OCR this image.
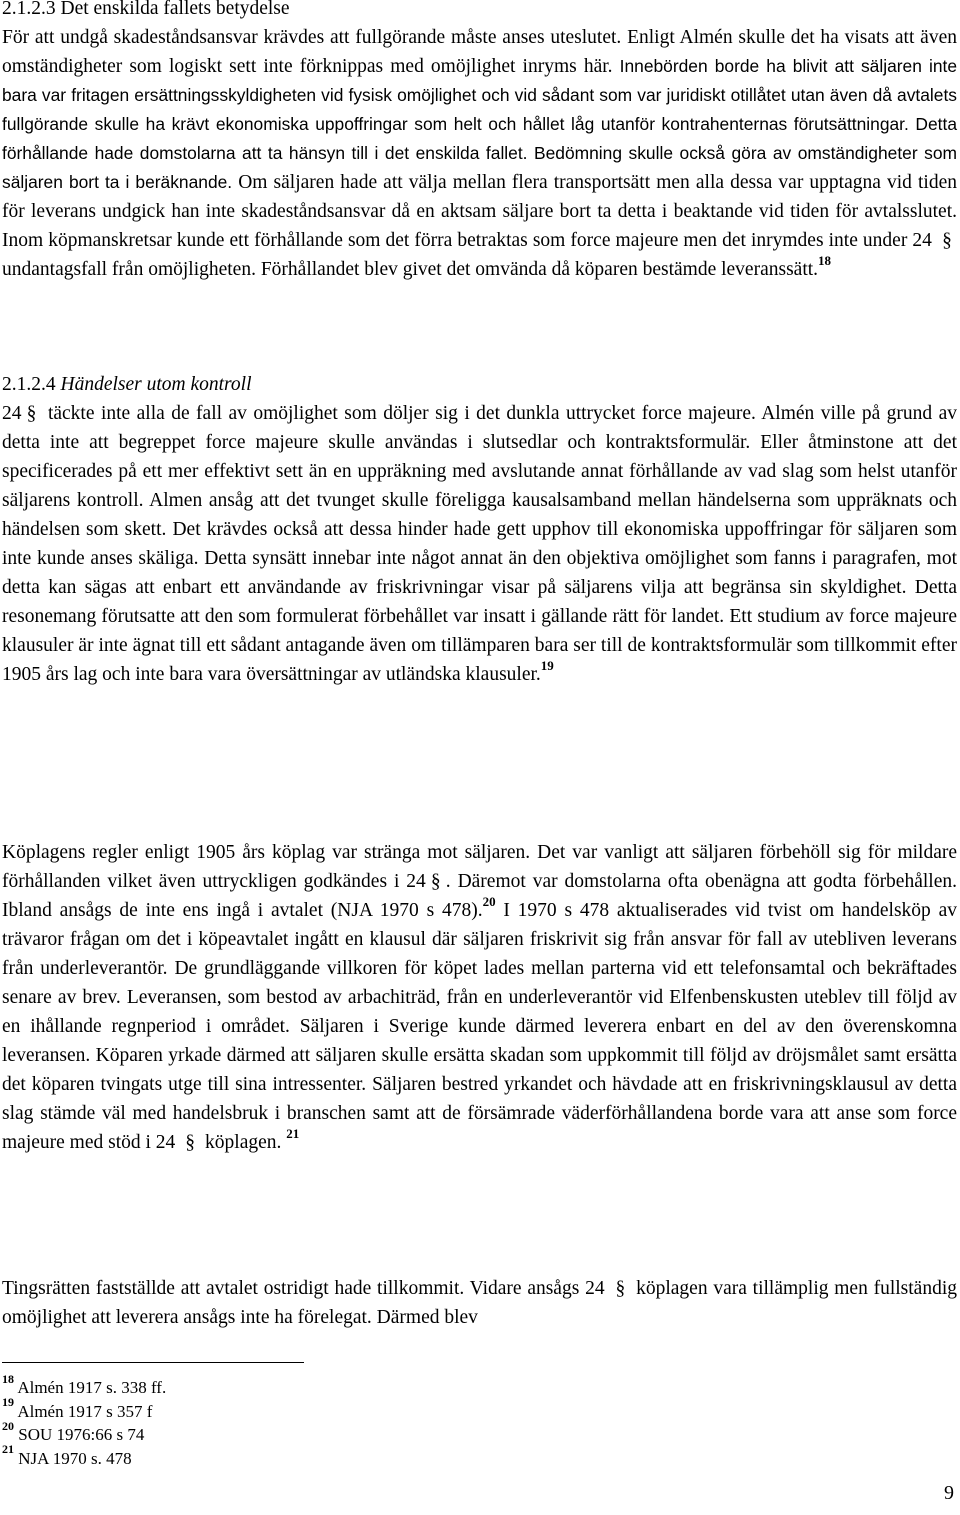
2.1.2.3 Det enskilda fallets betydelse

För att undgå skadeståndsansvar krävdes att fullgörande måste anses uteslutet. Enligt Almén skulle det ha visats att även omständigheter som logiskt sett inte förknippas med omöjlighet inryms här. Innebörden borde ha blivit att säljaren inte bara var fritagen ersättningsskyldigheten vid fysisk omöjlighet och vid sådant som var juridiskt otillåtet utan även då avtalets fullgörande skulle ha krävt ekonomiska uppoffringar som helt och hållet låg utanför kontrahenternas förutsättningar. Detta förhållande hade domstolarna att ta hänsyn till i det enskilda fallet. Bedömning skulle också göra av omständigheter som säljaren bort ta i beräknande. Om säljaren hade att välja mellan flera transportsätt men alla dessa var upptagna vid tiden för leverans undgick han inte skadeståndsansvar då en aktsam säljare bort ta detta i beaktande vid tiden för avtalsslutet. Inom köpmanskretsar kunde ett förhållande som det förra betraktas som force majeure men det inrymdes inte under 24 § undantagsfall från omöjligheten. Förhållandet blev givet det omvända då köparen bestämde leveranssätt.$^{18}$

2.1.2.4 Händelser utom kontroll

24 § täckte inte alla de fall av omöjlighet som döljer sig i det dunkla uttrycket force majeure. Almén ville på grund av detta inte att begreppet force majeure skulle användas i slutsedlar och kontraktsformulär. Eller åtminstone att det specificerades på ett mer effektivt sett än en uppräkning med avslutande annat förhållande av vad slag som helst utanför säljarens kontroll. Almen ansåg att det tvunget skulle föreligga kausalsamband mellan händelserna som uppräknats och händelsen som skett. Det krävdes också att dessa hinder hade gett upphov till ekonomiska uppoffringar för säljaren som inte kunde anses skäliga. Detta synsätt innebar inte något annat än den objektiva omöjlighet som fanns i paragrafen, mot detta kan sägas att enbart ett användande av friskrivningar visar på säljarens vilja att begränsa sin skyldighet. Detta resonemang förutsatte att den som formulerat förbehållet var insatt i gällande rätt för landet. Ett studium av force majeure klausuler är inte ägnat till ett sådant antagande även om tillämparen bara ser till de kontraktsformulär som tillkommit efter 1905 års lag och inte bara vara översättningar av utländska klausuler.$^{19}$

Köplagens regler enligt 1905 års köplag var stränga mot säljaren. Det var vanligt att säljaren förbehöll sig för mildare förhållanden vilket även uttryckligen godkändes i 24 § . Däremot var domstolarna ofta obenägna att godta förbehållen. Ibland ansågs de inte ens ingå i avtalet (NJA 1970 s 478).$^{20}$ I 1970 s 478 aktualiserades vid tvist om handelsköp av trävaror frågan om det i köpeavtalet ingått en klausul där säljaren friskrivit sig från ansvar för fall av utebliven leverans från underleverantör. De grundläggande villkoren för köpet lades mellan parterna vid ett telefonsamtal och bekräftades senare av brev. Leveransen, som bestod av arbachiträd, från en underleverantör vid Elfenbenskusten uteblev till följd av en ihållande regnperiod i området. Säljaren i Sverige kunde därmed leverera enbart en del av den överenskomna leveransen. Köparen yrkade därmed att säljaren skulle ersätta skadan som uppkommit till följd av dröjsmålet samt ersätta det köparen tvingats utge till sina intressenter. Säljaren bestred yrkandet och hävdade att en friskrivningsklausul av detta slag stämde väl med handelsbruk i branschen samt att de försämrade väderförhållandena borde vara att anse som force majeure med stöd i 24 § köplagen. $^{21}$

Tingsrätten fastställde att avtalet ostridigt hade tillkommit. Vidare ansågs 24 § köplagen vara tillämplig men fullständig omöjlighet att leverera ansågs inte ha förelegat. Därmed blev

$^{18}$ Almén 1917 s. 338 ff.

$^{19}$ Almén 1917 s 357 f

$^{20}$ SOU 1976:66 s 74

$^{21}$ NJA 1970 s. 478

9
